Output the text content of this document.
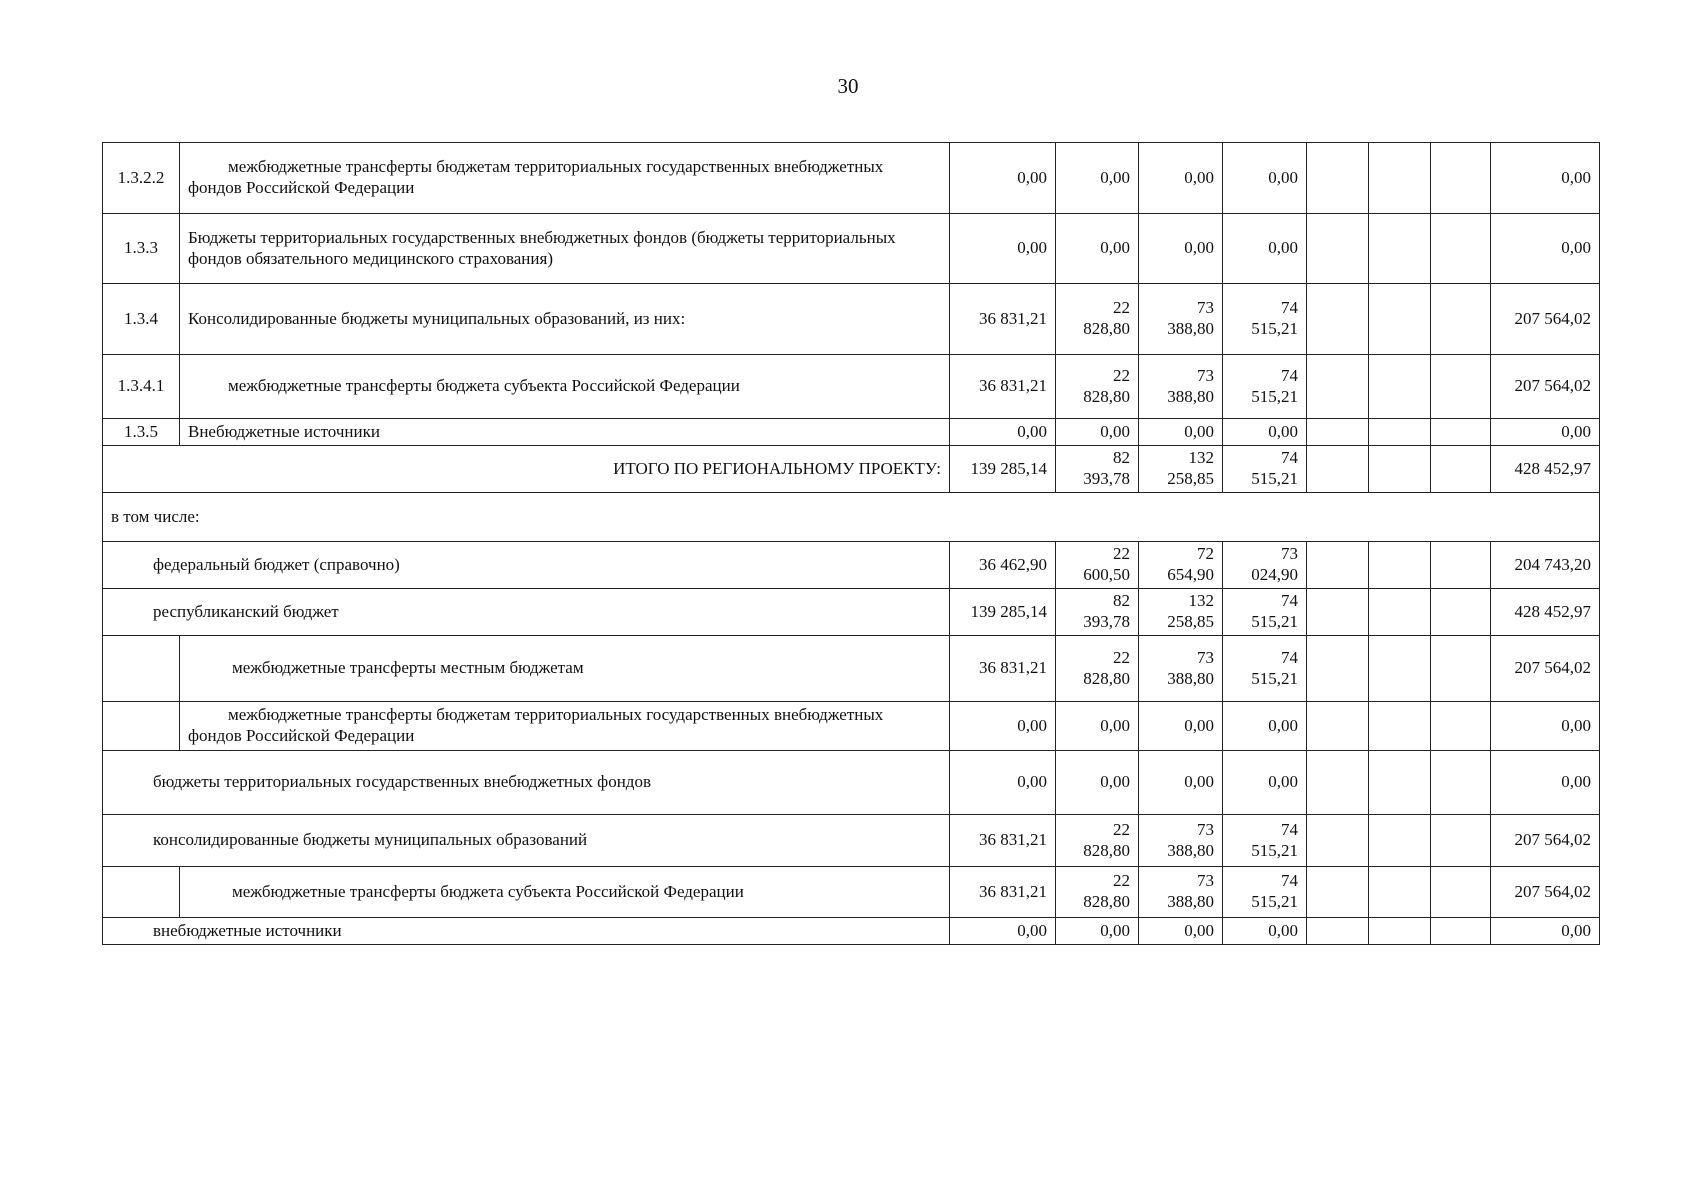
30
1.3.2.2	межбюджетные трансферты бюджетам территориальных государственных внебюджетных фондов Российской Федерации	0,00	0,00	0,00	0,00				0,00
1.3.3	Бюджеты территориальных государственных внебюджетных фондов (бюджеты территориальных фондов обязательного медицинского страхования)	0,00	0,00	0,00	0,00				0,00
1.3.4	Консолидированные бюджеты муниципальных образований, из них:	36 831,21	22 828,80	73 388,80	74 515,21				207 564,02
1.3.4.1	межбюджетные трансферты бюджета субъекта Российской Федерации	36 831,21	22 828,80	73 388,80	74 515,21				207 564,02
1.3.5	Внебюджетные источники	0,00	0,00	0,00	0,00				0,00
ИТОГО ПО РЕГИОНАЛЬНОМУ ПРОЕКТУ:		139 285,14	82 393,78	132 258,85	74 515,21				428 452,97
в том числе:									
федеральный бюджет (справочно)		36 462,90	22 600,50	72 654,90	73 024,90				204 743,20
республиканский бюджет		139 285,14	82 393,78	132 258,85	74 515,21				428 452,97
	межбюджетные трансферты местным бюджетам	36 831,21	22 828,80	73 388,80	74 515,21				207 564,02
	межбюджетные трансферты бюджетам территориальных государственных внебюджетных фондов Российской Федерации	0,00	0,00	0,00	0,00				0,00
бюджеты территориальных государственных внебюджетных фондов		0,00	0,00	0,00	0,00				0,00
консолидированные бюджеты муниципальных образований		36 831,21	22 828,80	73 388,80	74 515,21				207 564,02
	межбюджетные трансферты бюджета субъекта Российской Федерации	36 831,21	22 828,80	73 388,80	74 515,21				207 564,02
внебюджетные источники		0,00	0,00	0,00	0,00				0,00
